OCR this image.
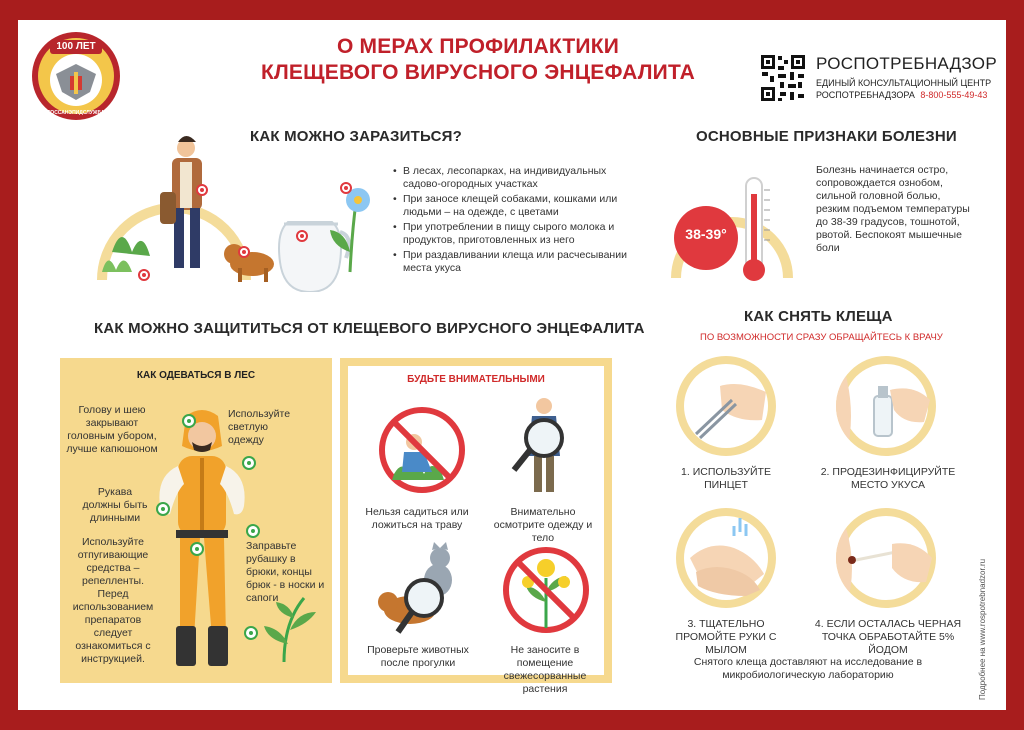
100 ЛЕТ
ГОССАНЭПИДСЛУЖБА
О МЕРАХ ПРОФИЛАКТИКИ
КЛЕЩЕВОГО ВИРУСНОГО ЭНЦЕФАЛИТА	РОСПОТРЕБНАДЗОР
ЕДИНЫЙ КОНСУЛЬТАЦИОННЫЙ ЦЕНТР
РОСПОТРЕБНАДЗОРА 8-800-555-49-43
КАК МОЖНО ЗАРАЗИТЬСЯ?
• В лесах, лесопарках, на индивидуальных садово-огородных участках
• При заносе клещей собаками, кошками или людьми – на одежде, с цветами
• При употреблении в пищу сырого молока и продуктов, приготовленных из него
• При раздавливании клеща или расчесывании места укуса
ОСНОВНЫЕ ПРИЗНАКИ БОЛЕЗНИ
38-39°
Болезнь начинается остро, сопровождается ознобом, сильной головной болью, резким подъемом температуры до 38-39 градусов, тошнотой, рвотой. Беспокоят мышечные боли
КАК МОЖНО ЗАЩИТИТЬСЯ ОТ КЛЕЩЕВОГО ВИРУСНОГО ЭНЦЕФАЛИТА
КАК ОДЕВАТЬСЯ В ЛЕС
Голову и шею закрывают головным убором, лучше капюшоном
Используйте светлую одежду
Рукава должны быть длинными
Заправьте рубашку в брюки, концы брюк - в носки и сапоги
Используйте отпугивающие средства – репелленты. Перед использованием препаратов следует ознакомиться с инструкцией.
БУДЬТЕ ВНИМАТЕЛЬНЫМИ
Нельзя садиться или ложиться на траву
Внимательно осмотрите одежду и тело
Проверьте животных после прогулки
Не заносите в помещение свежесорванные растения
КАК СНЯТЬ КЛЕЩА
ПО ВОЗМОЖНОСТИ СРАЗУ ОБРАЩАЙТЕСЬ К ВРАЧУ
1. ИСПОЛЬЗУЙТЕ ПИНЦЕТ
2. ПРОДЕЗИНФИЦИРУЙТЕ МЕСТО УКУСА
3. ТЩАТЕЛЬНО ПРОМОЙТЕ РУКИ С МЫЛОМ
4. ЕСЛИ ОСТАЛАСЬ ЧЕРНАЯ ТОЧКА ОБРАБОТАЙТЕ 5% ЙОДОМ
Снятого клеща доставляют на исследование в микробиологическую лабораторию	Подробнее на www.rospotrebnadzor.ru
